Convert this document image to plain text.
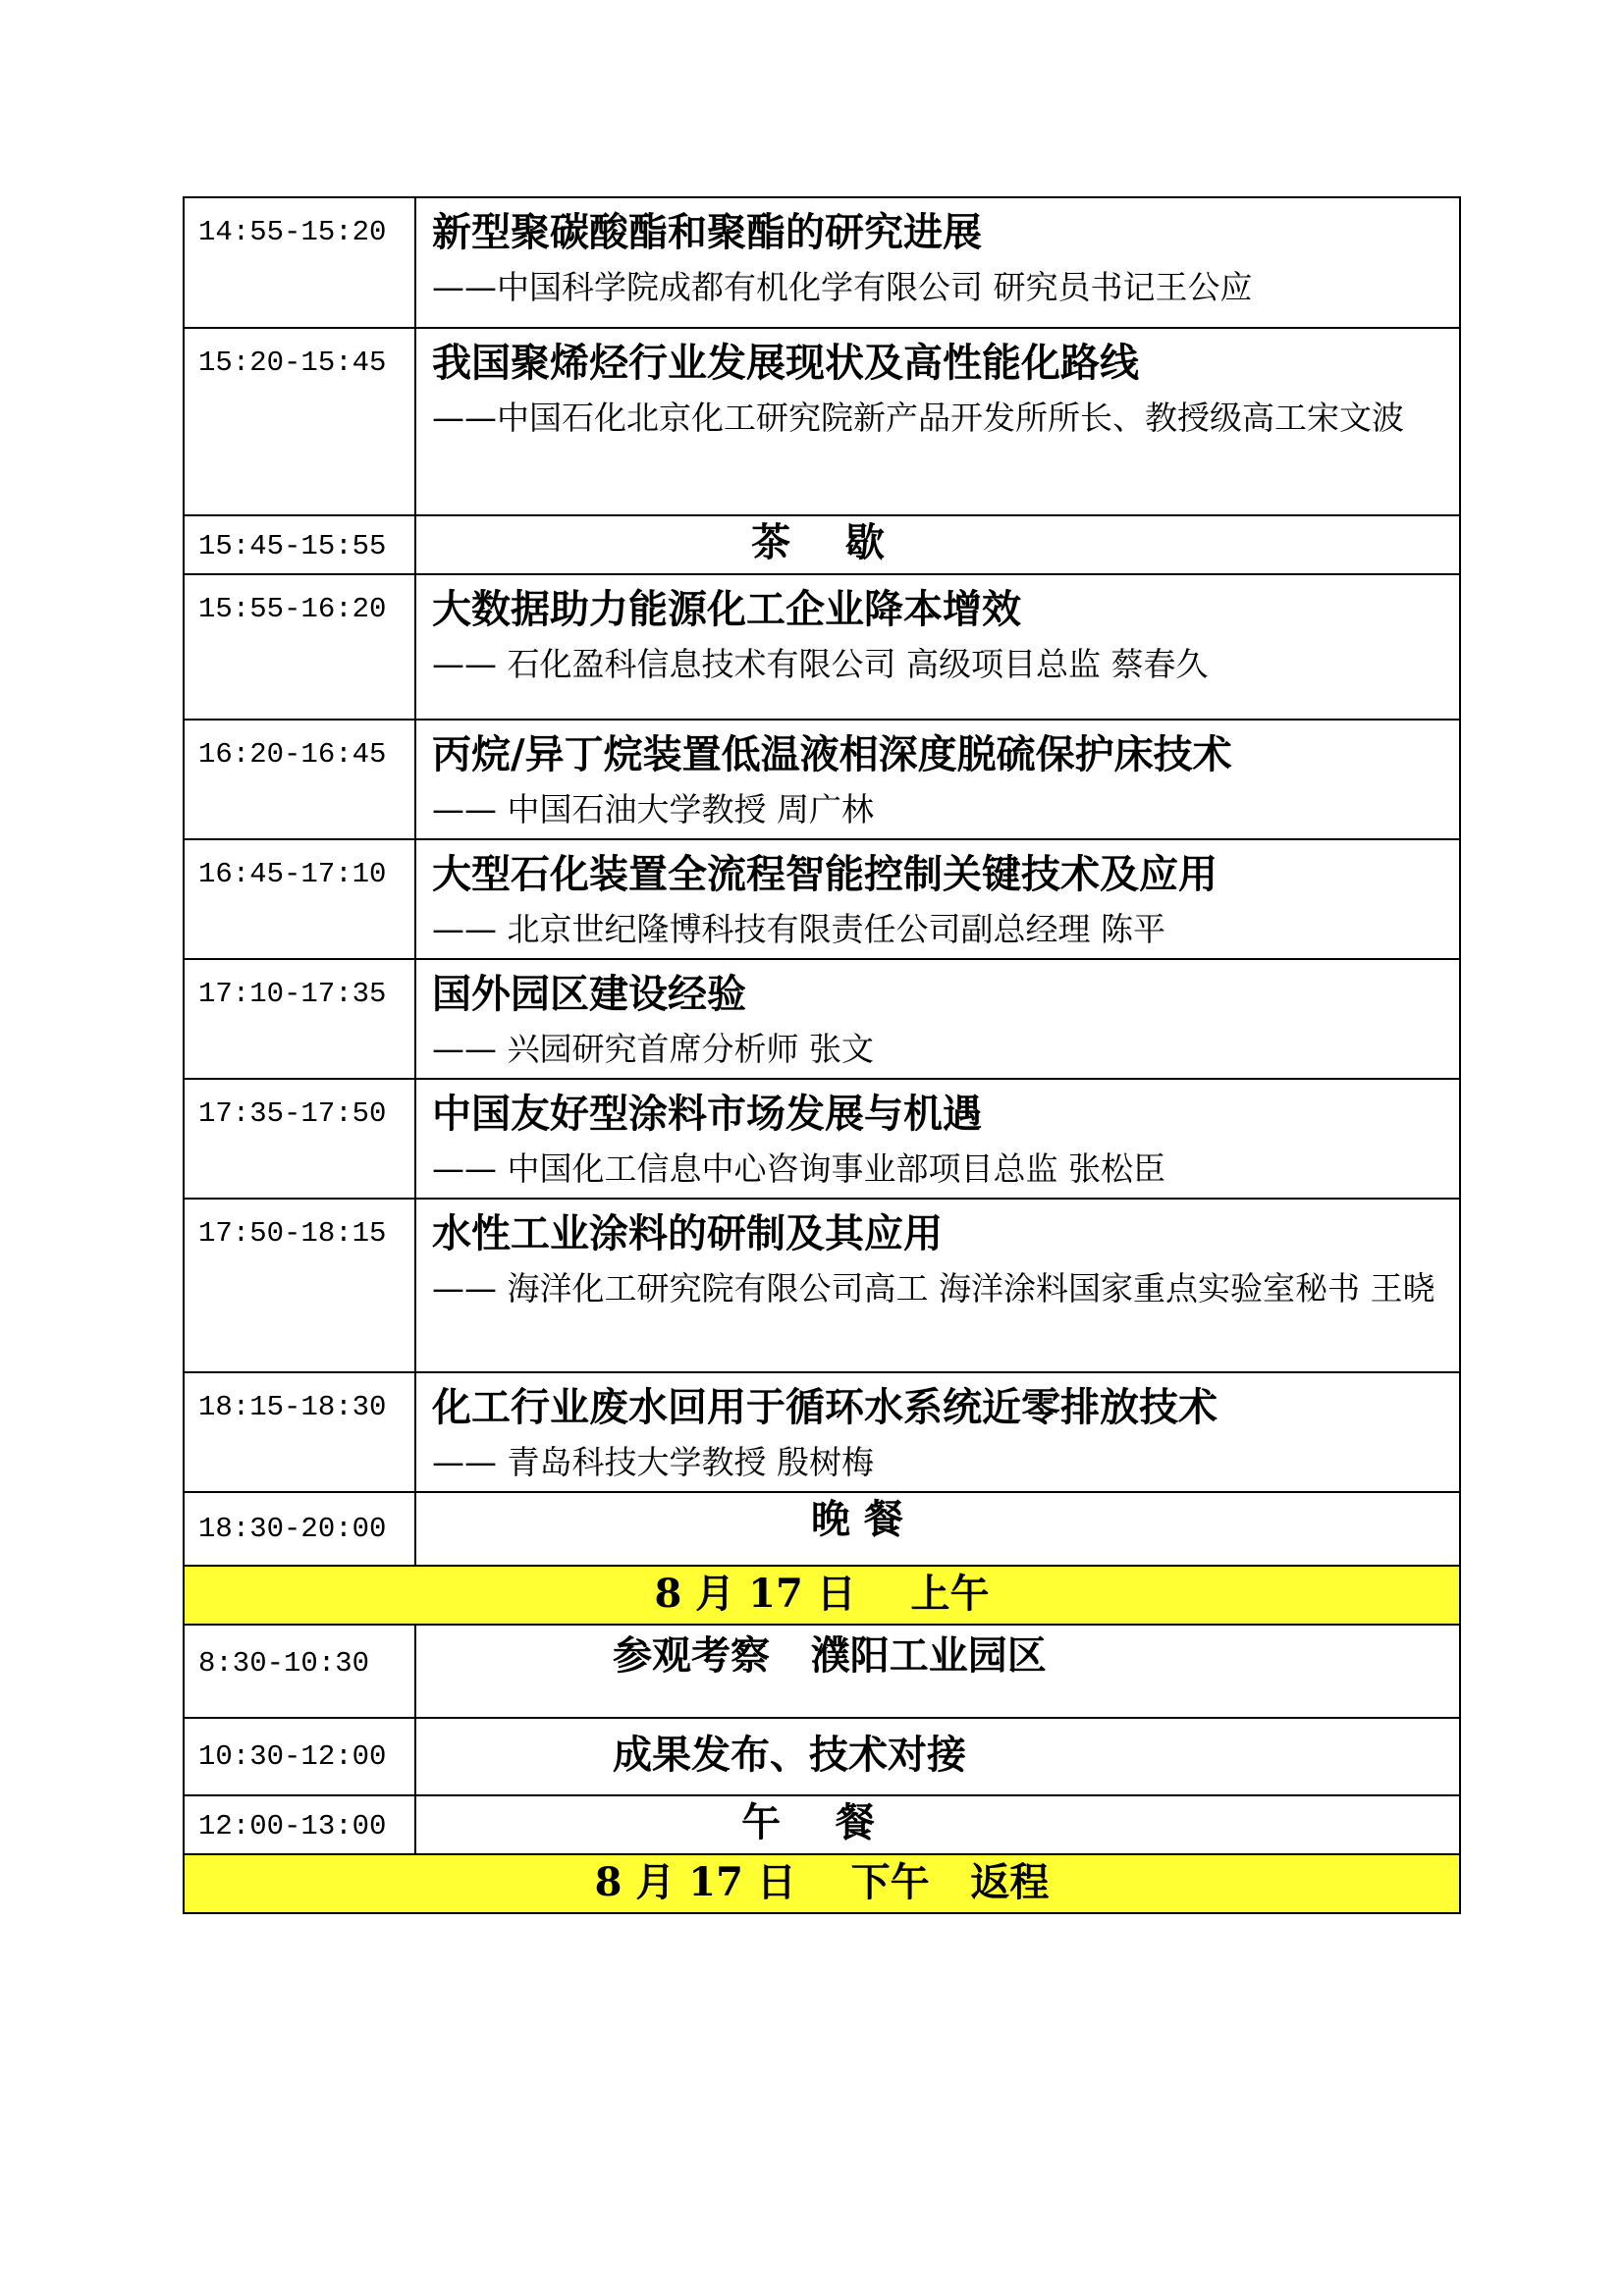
14:55-15:20	新型聚碳酸酯和聚酯的研究进展
——中国科学院成都有机化学有限公司 研究员书记王公应

15:20-15:45	我国聚烯烃行业发展现状及高性能化路线
——中国石化北京化工研究院新产品开发所所长、教授级高工宋文波

15:45-15:55	茶    歇

15:55-16:20	大数据助力能源化工企业降本增效
—— 石化盈科信息技术有限公司 高级项目总监 蔡春久

16:20-16:45	丙烷/异丁烷装置低温液相深度脱硫保护床技术
—— 中国石油大学教授 周广林

16:45-17:10	大型石化装置全流程智能控制关键技术及应用
—— 北京世纪隆博科技有限责任公司副总经理 陈平

17:10-17:35	国外园区建设经验
—— 兴园研究首席分析师 张文

17:35-17:50	中国友好型涂料市场发展与机遇
—— 中国化工信息中心咨询事业部项目总监 张松臣

17:50-18:15	水性工业涂料的研制及其应用
—— 海洋化工研究院有限公司高工 海洋涂料国家重点实验室秘书 王晓

18:15-18:30	化工行业废水回用于循环水系统近零排放技术
—— 青岛科技大学教授 殷树梅

18:30-20:00	晚 餐

8 月 17 日    上午	
8:30-10:30	参观考察   濮阳工业园区

10:30-12:00	成果发布、技术对接

12:00-13:00	午    餐

8 月 17 日    下午   返程	
